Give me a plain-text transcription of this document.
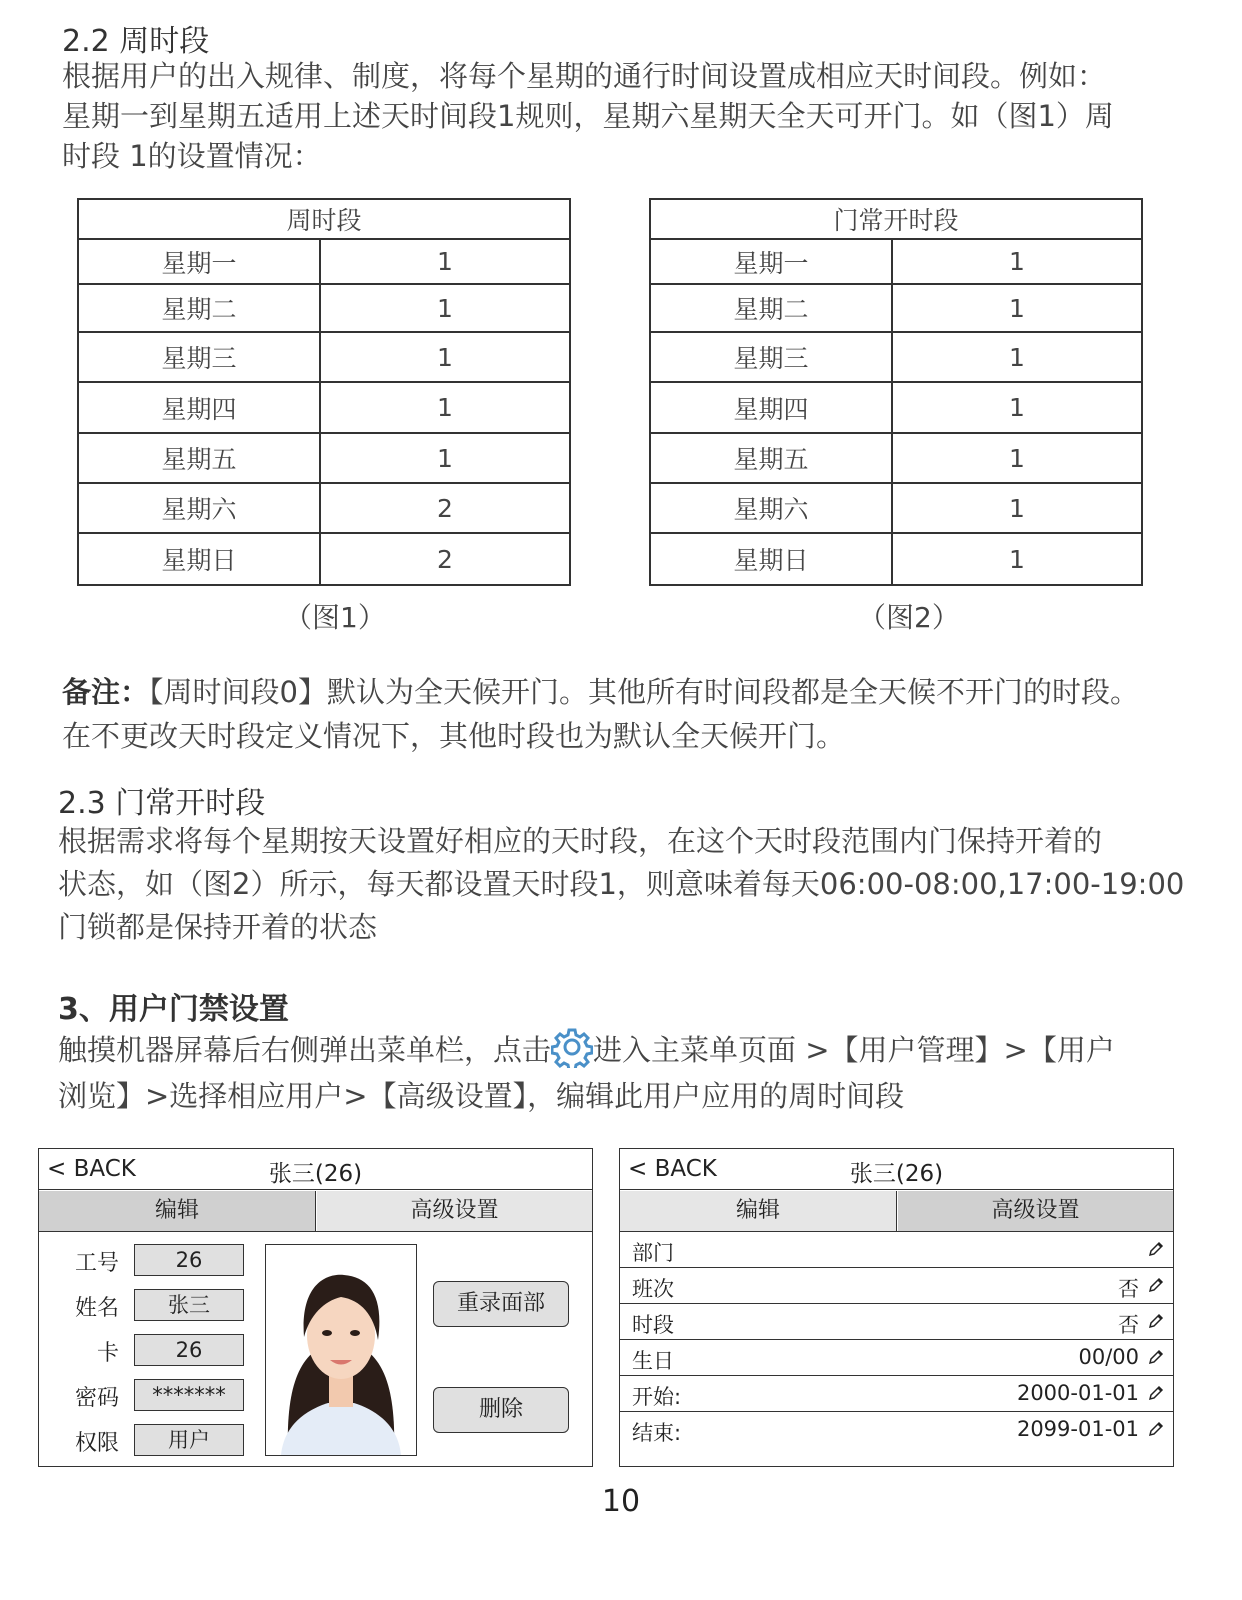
2.2 周时段
根据用户的出入规律、制度，将每个星期的通行时间设置成相应天时间段。例如：
星期一到星期五适用上述天时间段1规则，星期六星期天全天可开门。如（图1）周
时段 1的设置情况：
周时段	
星期一	1
星期二	1
星期三	1
星期四	1
星期五	1
星期六	2
星期日	2
（图1）
门常开时段	
星期一	1
星期二	1
星期三	1
星期四	1
星期五	1
星期六	1
星期日	1
（图2）
备注：【周时间段0】默认为全天候开门。其他所有时间段都是全天候不开门的时段。
在不更改天时段定义情况下，其他时段也为默认全天候开门。
2.3 门常开时段
根据需求将每个星期按天设置好相应的天时段，在这个天时段范围内门保持开着的
状态，如（图2）所示，每天都设置天时段1，则意味着每天06:00-08:00,17:00-19:00
门锁都是保持开着的状态
3、用户门禁设置
触摸机器屏幕后右侧弹出菜单栏，点击 进入主菜单页面 >【用户管理】>【用户
浏览】>选择相应用户>【高级设置】，编辑此用户应用的周时间段
< BACK	张三(26)
编辑	高级设置
工号	26
姓名	张三
卡	26
密码	*******
权限	用户
重录面部
删除
< BACK	张三(26)
编辑	高级设置
部门
班次	否
时段	否
生日	00/00
开始:	2000-01-01
结束:	2099-01-01
10
